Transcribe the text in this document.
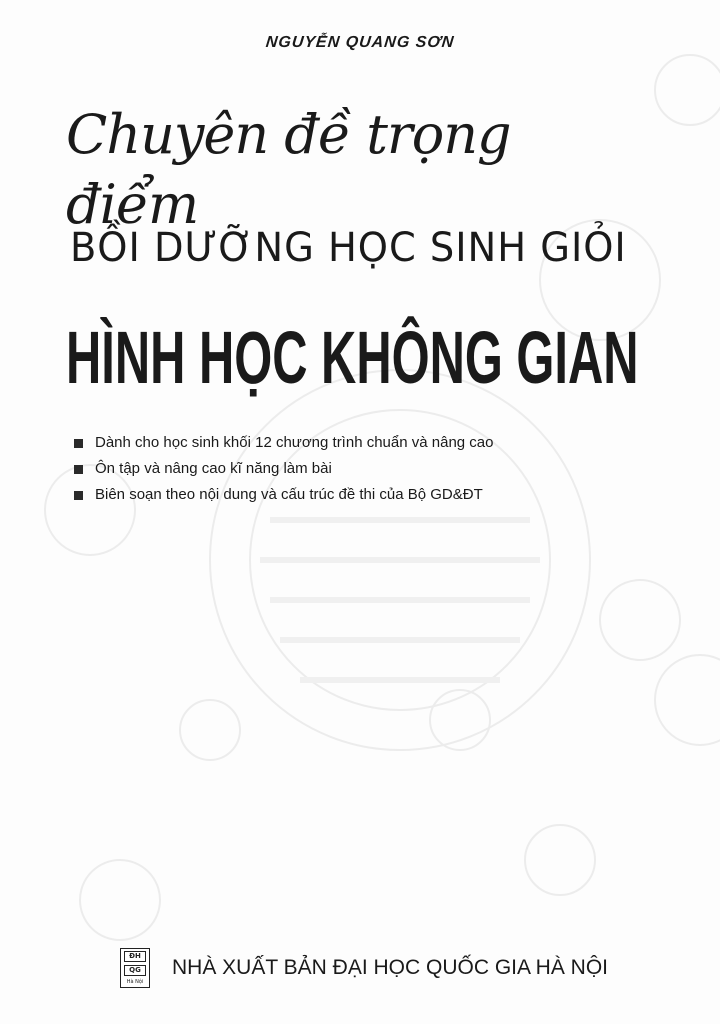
NGUYỄN QUANG SƠN
Chuyên đề trọng điểm
BỒI DƯỠNG HỌC SINH GIỎI
HÌNH HỌC KHÔNG GIAN
Dành cho học sinh khối 12 chương trình chuẩn và nâng cao
Ôn tập và nâng cao kĩ năng làm bài
Biên soạn theo nội dung và cấu trúc đề thi của Bộ GD&ĐT
ĐH
QG
Hà Nội
NHÀ XUẤT BẢN ĐẠI HỌC QUỐC GIA HÀ NỘI
